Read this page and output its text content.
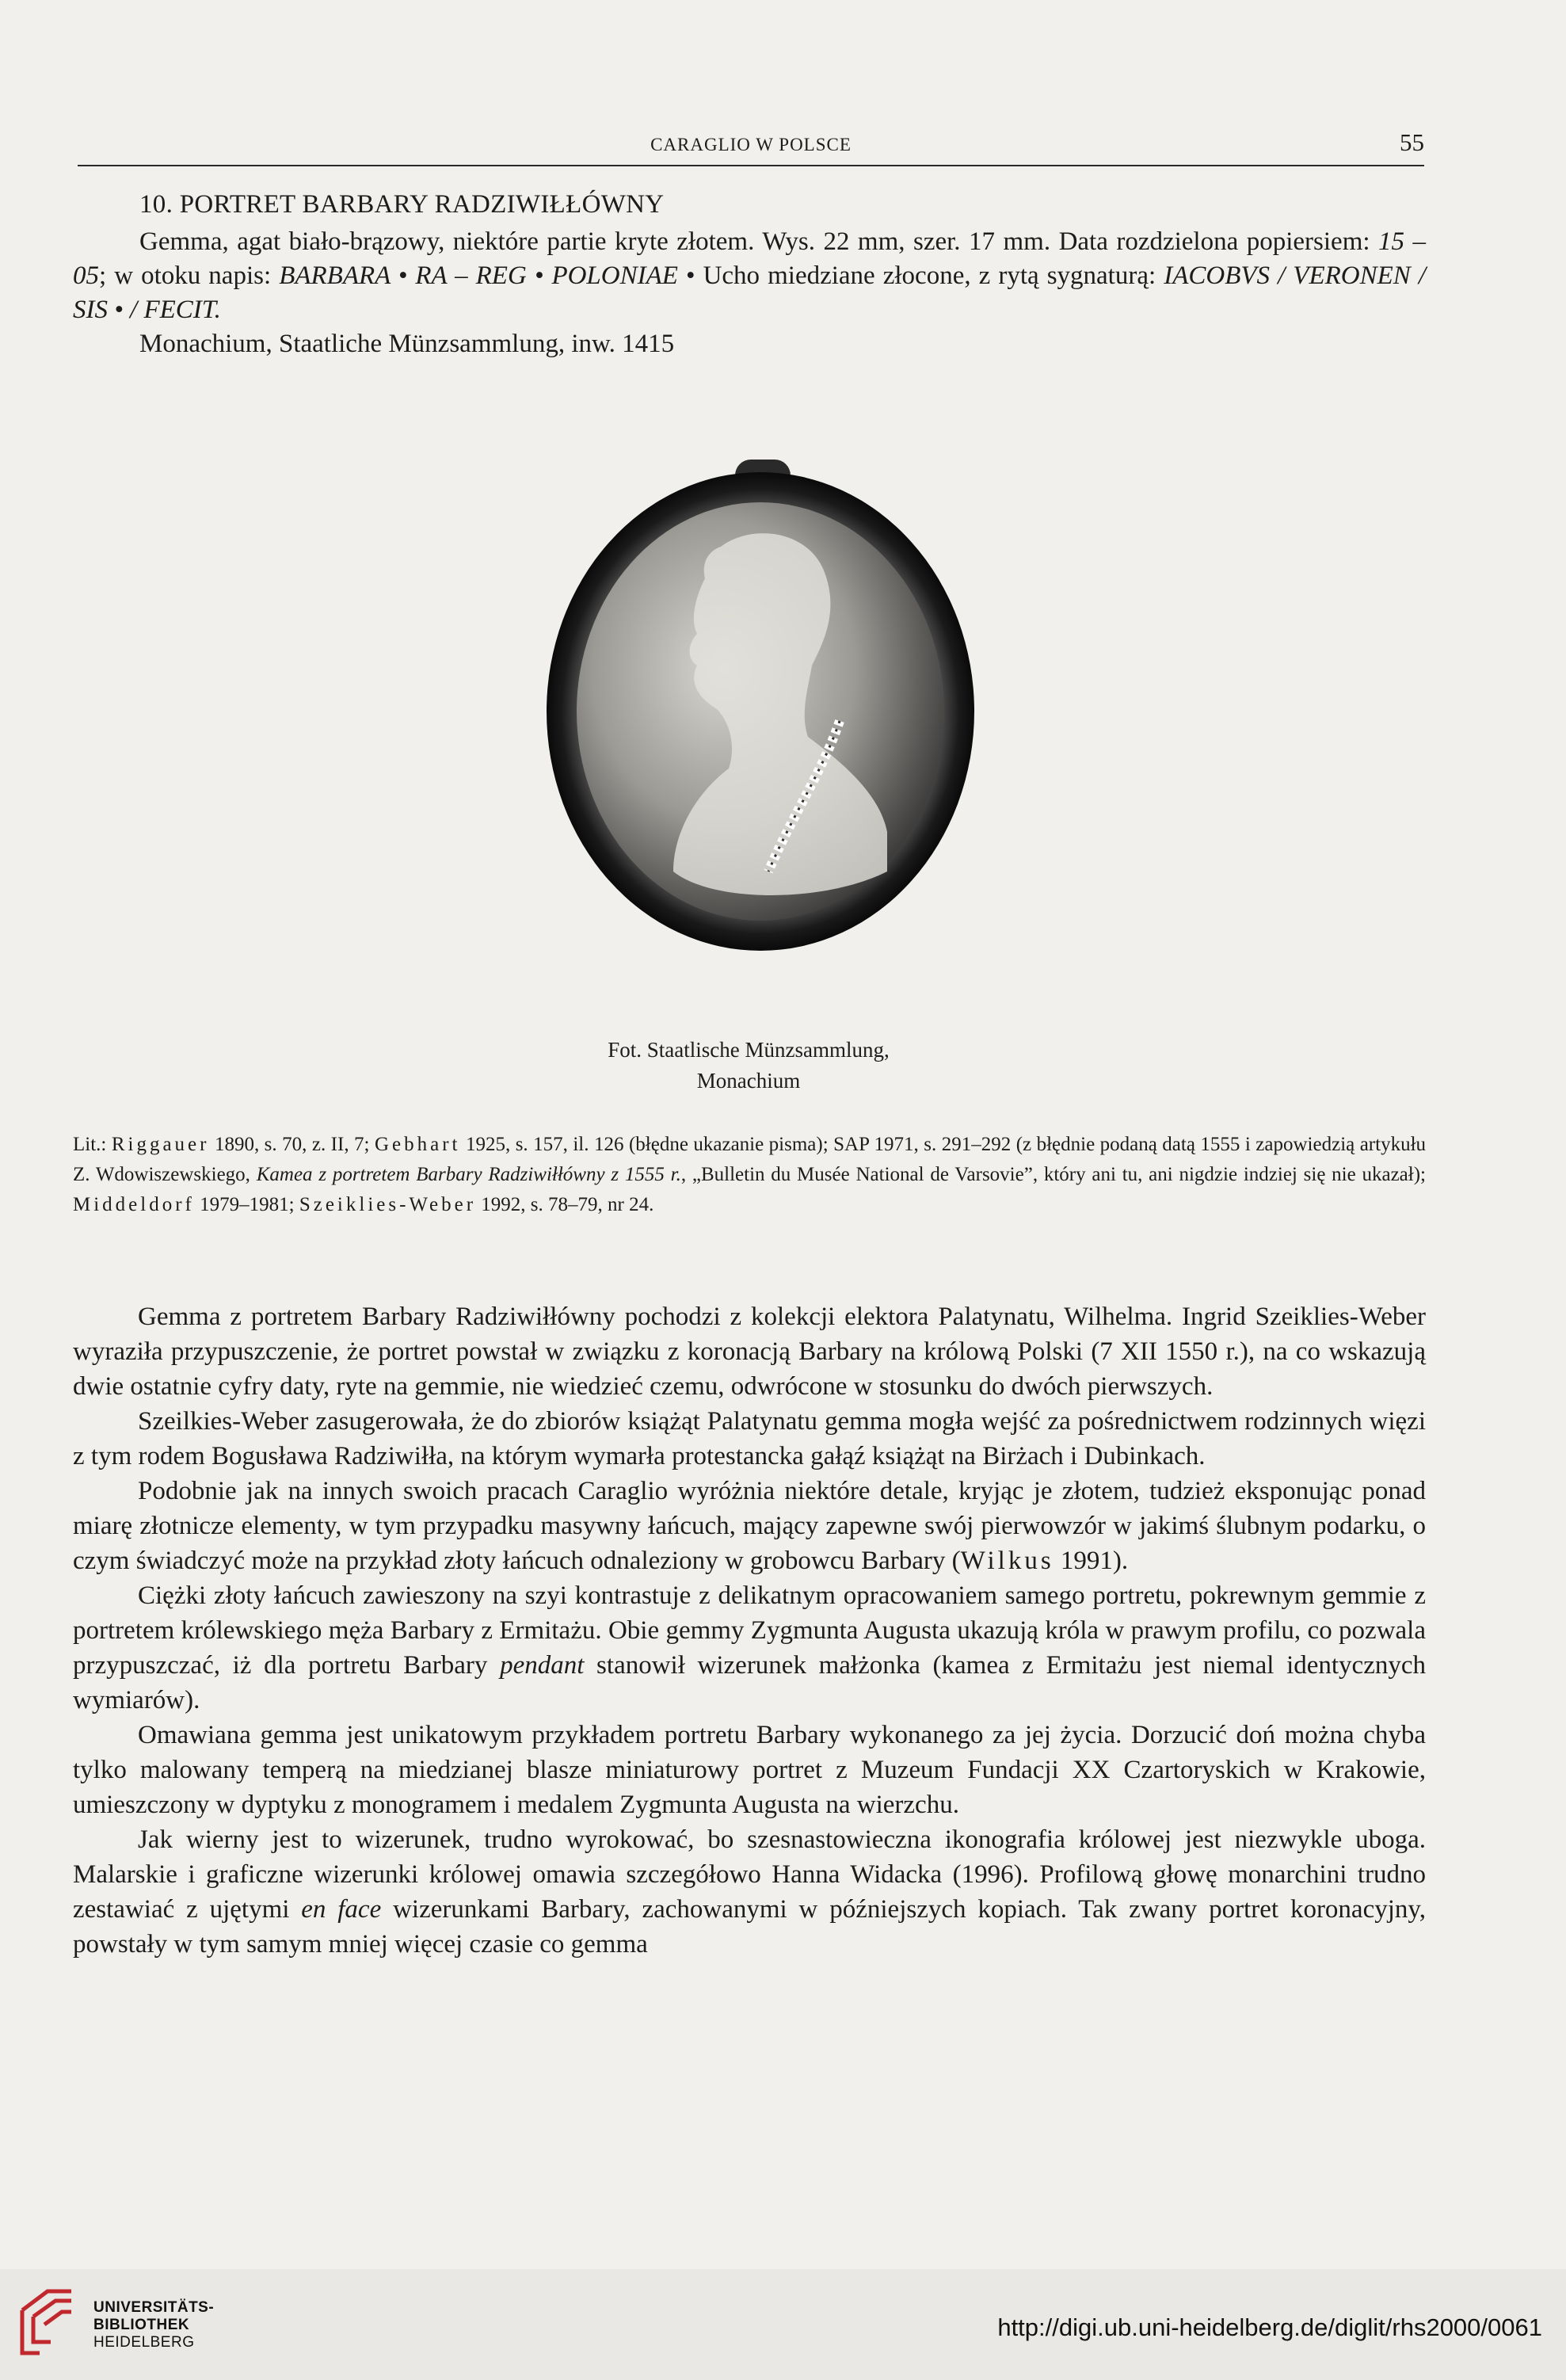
CARAGLIO W POLSCE	55
10. PORTRET BARBARY RADZIWIŁŁÓWNY

Gemma, agat biało-brązowy, niektóre partie kryte złotem. Wys. 22 mm, szer. 17 mm. Data rozdzielona popiersiem: 15 – 05; w otoku napis: BARBARA • RA – REG • POLONIAE • Ucho miedziane złocone, z rytą sygnaturą: IACOBVS / VERONEN / SIS • / FECIT.

Monachium, Staatliche Münzsammlung, inw. 1415

Fot. Staatlische Münzsammlung,
Monachium
Lit.: Riggauer 1890, s. 70, z. II, 7; Gebhart 1925, s. 157, il. 126 (błędne ukazanie pisma); SAP 1971, s. 291–292 (z błędnie podaną datą 1555 i zapowiedzią artykułu Z. Wdowiszewskiego, Kamea z portretem Barbary Radziwiłłówny z 1555 r., „Bulletin du Musée National de Varsovie”, który ani tu, ani nigdzie indziej się nie ukazał); Middeldorf 1979–1981; Szeiklies-Weber 1992, s. 78–79, nr 24.

Gemma z portretem Barbary Radziwiłłówny pochodzi z kolekcji elektora Palatynatu, Wilhelma. Ingrid Szeiklies-Weber wyraziła przypuszczenie, że portret powstał w związku z koronacją Barbary na królową Polski (7 XII 1550 r.), na co wskazują dwie ostatnie cyfry daty, ryte na gemmie, nie wiedzieć czemu, odwrócone w stosunku do dwóch pierwszych.

Szeilkies-Weber zasugerowała, że do zbiorów książąt Palatynatu gemma mogła wejść za pośrednictwem rodzinnych więzi z tym rodem Bogusława Radziwiłła, na którym wymarła protestancka gałąź książąt na Birżach i Dubinkach.

Podobnie jak na innych swoich pracach Caraglio wyróżnia niektóre detale, kryjąc je złotem, tudzież eksponując ponad miarę złotnicze elementy, w tym przypadku masywny łańcuch, mający zapewne swój pierwowzór w jakimś ślubnym podarku, o czym świadczyć może na przykład złoty łańcuch odnaleziony w grobowcu Barbary (Wilkus 1991).

Ciężki złoty łańcuch zawieszony na szyi kontrastuje z delikatnym opracowaniem samego portretu, pokrewnym gemmie z portretem królewskiego męża Barbary z Ermitażu. Obie gemmy Zygmunta Augusta ukazują króla w prawym profilu, co pozwala przypuszczać, iż dla portretu Barbary pendant stanowił wizerunek małżonka (kamea z Ermitażu jest niemal identycznych wymiarów).

Omawiana gemma jest unikatowym przykładem portretu Barbary wykonanego za jej życia. Dorzucić doń można chyba tylko malowany temperą na miedzianej blasze miniaturowy portret z Muzeum Fundacji XX Czartoryskich w Krakowie, umieszczony w dyptyku z monogramem i medalem Zygmunta Augusta na wierzchu.

Jak wierny jest to wizerunek, trudno wyrokować, bo szesnastowieczna ikonografia królowej jest niezwykle uboga. Malarskie i graficzne wizerunki królowej omawia szczegółowo Hanna Widacka (1996). Profilową głowę monarchini trudno zestawiać z ujętymi en face wizerunkami Barbary, zachowanymi w późniejszych kopiach. Tak zwany portret koronacyjny, powstały w tym samym mniej więcej czasie co gemma

UNIVERSITÄTS-
BIBLIOTHEK
HEIDELBERG
http://digi.ub.uni-heidelberg.de/diglit/rhs2000/0061
